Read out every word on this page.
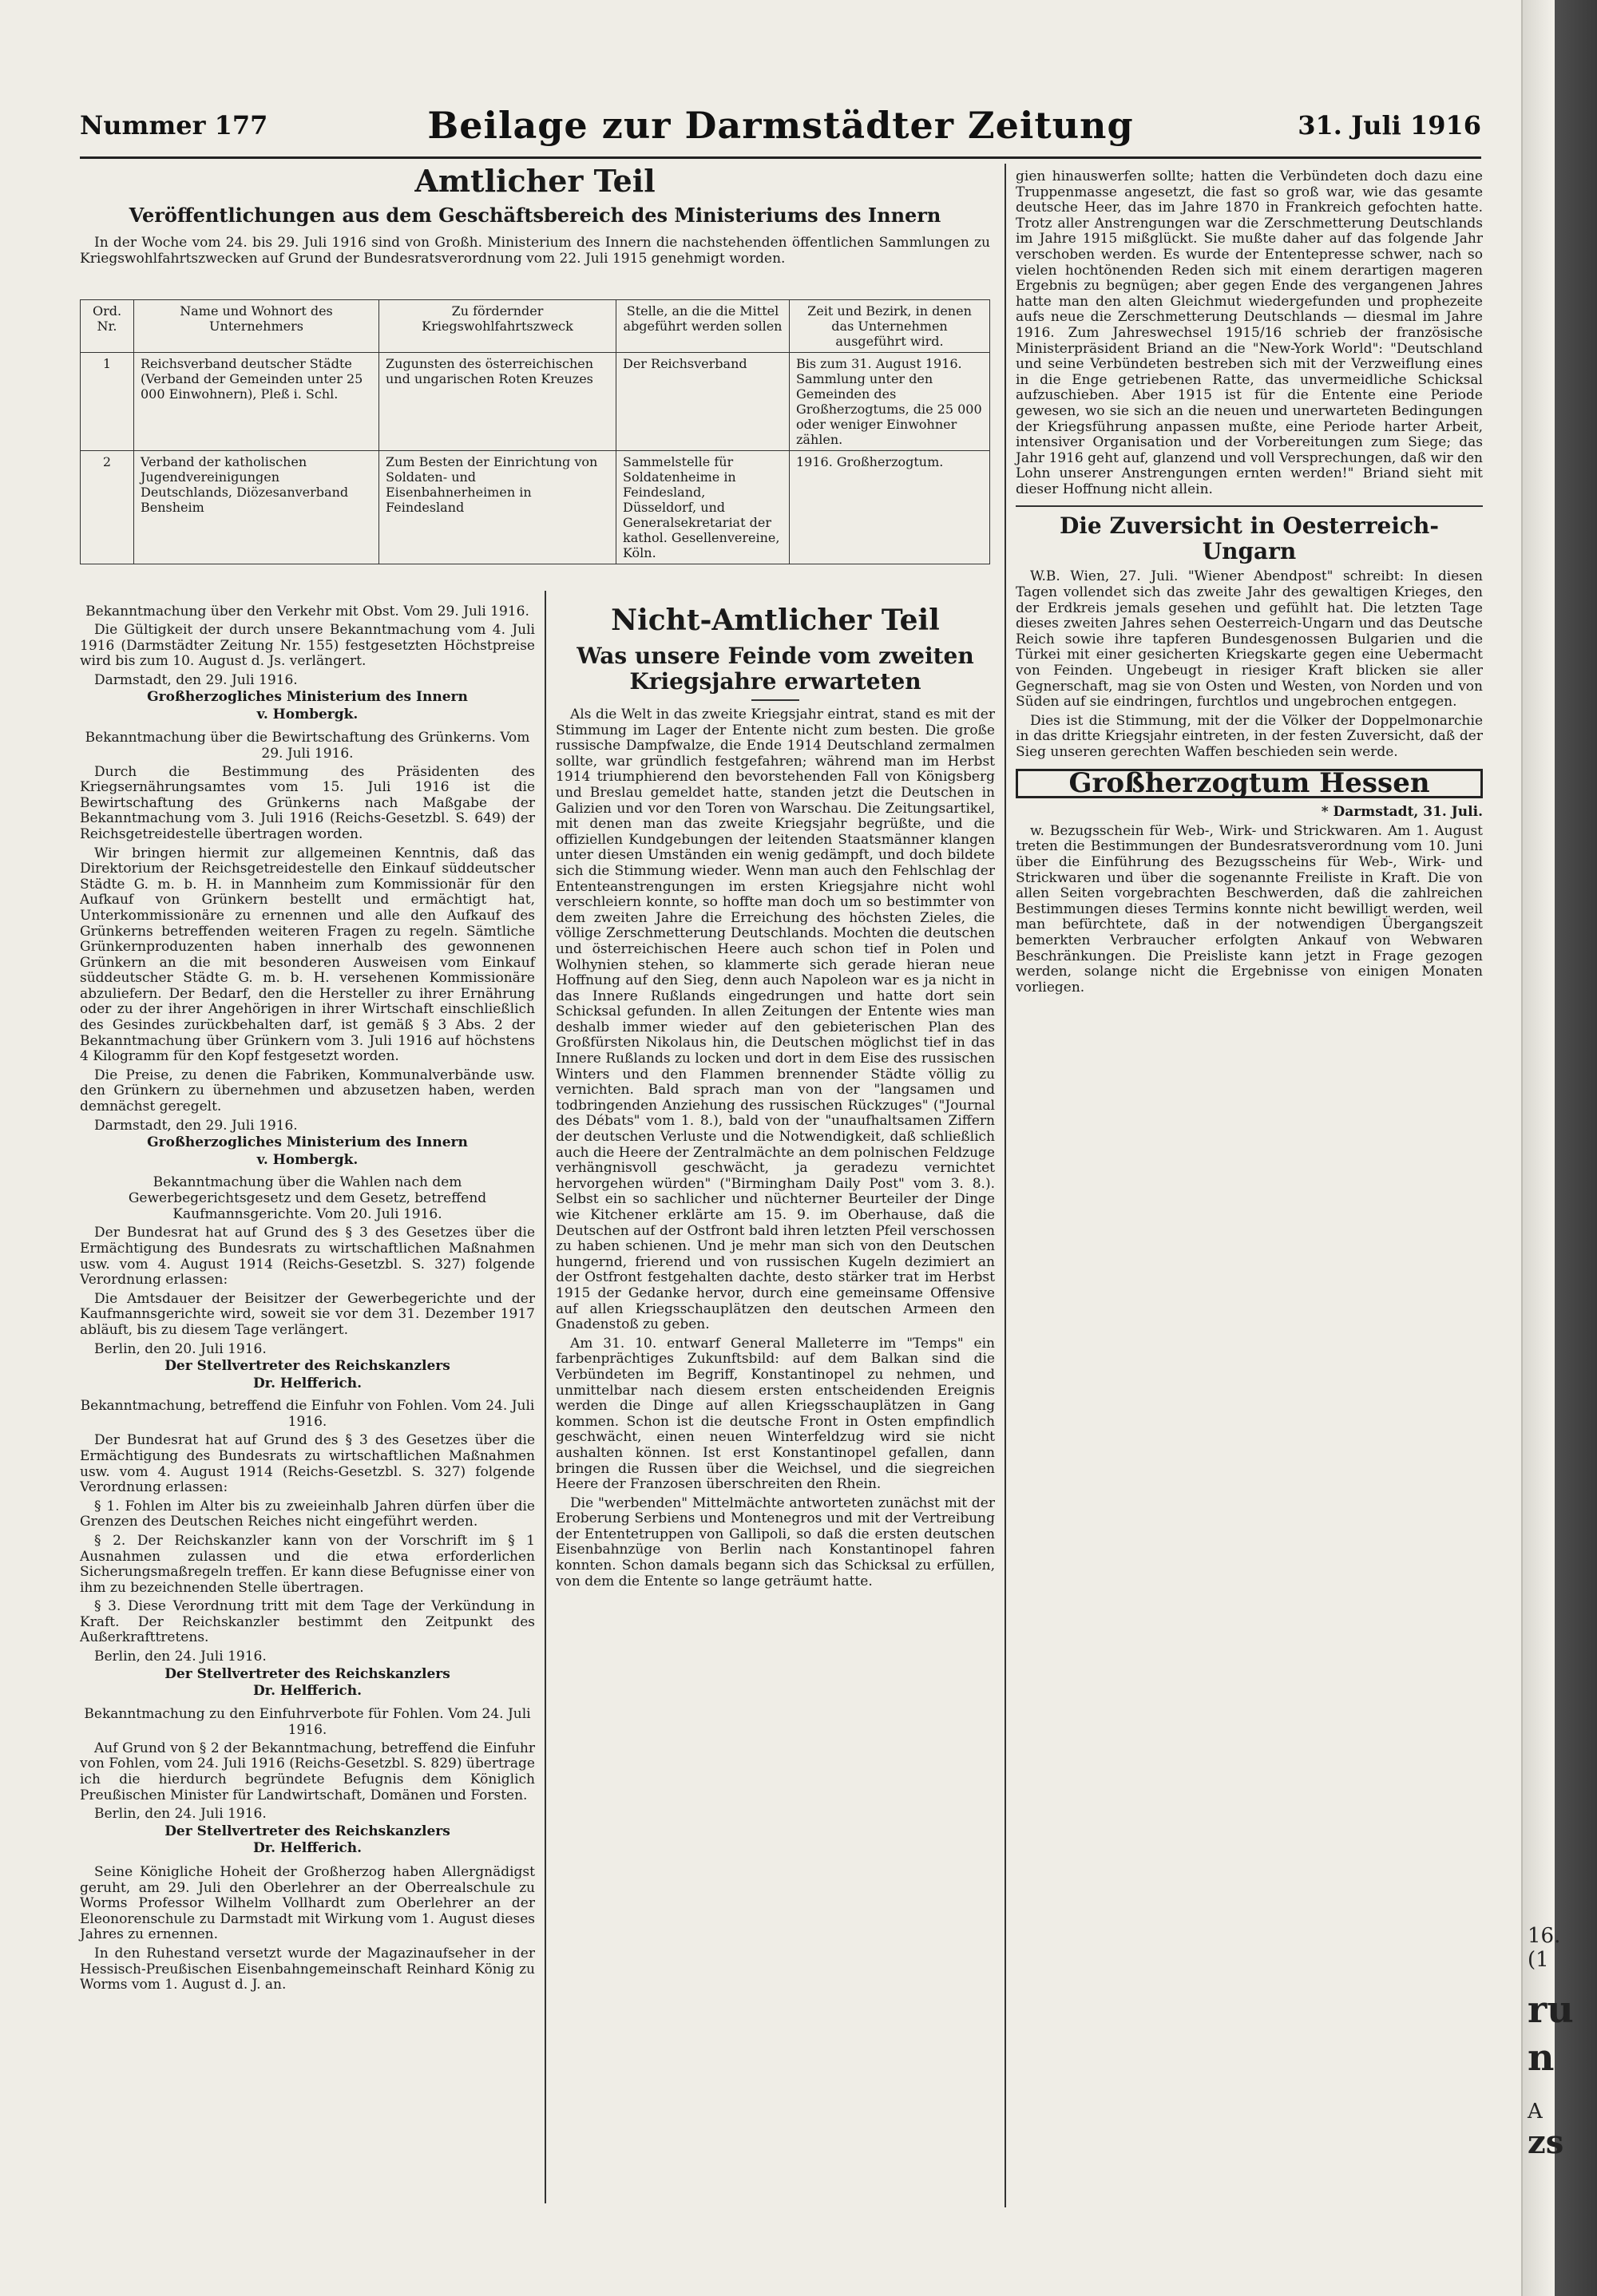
16.
(1
ru
n
A
zs
Nummer 177	Beilage zur Darmstädter Zeitung	31. Juli 1916
Amtlicher Teil
Veröffentlichungen aus dem Geschäftsbereich des Ministeriums des Innern

In der Woche vom 24. bis 29. Juli 1916 sind von Großh. Ministerium des Innern die nachstehenden öffentlichen Sammlungen zu Kriegswohlfahrtszwecken auf Grund der Bundesratsverordnung vom 22. Juli 1915 genehmigt worden.

Ord. Nr.	Name und Wohnort des Unternehmers	Zu fördernder Kriegswohlfahrtszweck	Stelle, an die die Mittel abgeführt werden sollen	Zeit und Bezirk, in denen das Unternehmen ausgeführt wird.
1	Reichsverband deutscher Städte (Verband der Gemeinden unter 25 000 Einwohnern), Pleß i. Schl.	Zugunsten des österreichischen und ungarischen Roten Kreuzes	Der Reichsverband	Bis zum 31. August 1916. Sammlung unter den Gemeinden des Großherzogtums, die 25 000 oder weniger Einwohner zählen.
2	Verband der katholischen Jugendvereinigungen Deutschlands, Diözesanverband Bensheim	Zum Besten der Einrichtung von Soldaten- und Eisenbahnerheimen in Feindesland	Sammelstelle für Soldatenheime in Feindesland, Düsseldorf, und Generalsekretariat der kathol. Gesellenvereine, Köln.	1916. Großherzogtum.
Bekanntmachung über den Verkehr mit Obst. Vom 29. Juli 1916.

Die Gültigkeit der durch unsere Bekanntmachung vom 4. Juli 1916 (Darmstädter Zeitung Nr. 155) festgesetzten Höchstpreise wird bis zum 10. August d. Js. verlängert.

Darmstadt, den 29. Juli 1916.
Großherzogliches Ministerium des Innern
v. Hombergk.
Bekanntmachung über die Bewirtschaftung des Grünkerns. Vom 29. Juli 1916.

Durch die Bestimmung des Präsidenten des Kriegsernährungsamtes vom 15. Juli 1916 ist die Bewirtschaftung des Grünkerns nach Maßgabe der Bekanntmachung vom 3. Juli 1916 (Reichs-Gesetzbl. S. 649) der Reichsgetreidestelle übertragen worden.

Wir bringen hiermit zur allgemeinen Kenntnis, daß das Direktorium der Reichsgetreidestelle den Einkauf süddeutscher Städte G. m. b. H. in Mannheim zum Kommissionär für den Aufkauf von Grünkern bestellt und ermächtigt hat, Unterkommissionäre zu ernennen und alle den Aufkauf des Grünkerns betreffenden weiteren Fragen zu regeln. Sämtliche Grünkernproduzenten haben innerhalb des gewonnenen Grünkern an die mit besonderen Ausweisen vom Einkauf süddeutscher Städte G. m. b. H. versehenen Kommissionäre abzuliefern. Der Bedarf, den die Hersteller zu ihrer Ernährung oder zu der ihrer Angehörigen in ihrer Wirtschaft einschließlich des Gesindes zurückbehalten darf, ist gemäß § 3 Abs. 2 der Bekanntmachung über Grünkern vom 3. Juli 1916 auf höchstens 4 Kilogramm für den Kopf festgesetzt worden.

Die Preise, zu denen die Fabriken, Kommunalverbände usw. den Grünkern zu übernehmen und abzusetzen haben, werden demnächst geregelt.

Darmstadt, den 29. Juli 1916.
Großherzogliches Ministerium des Innern
v. Hombergk.
Bekanntmachung über die Wahlen nach dem Gewerbegerichtsgesetz und dem Gesetz, betreffend Kaufmannsgerichte. Vom 20. Juli 1916.

Der Bundesrat hat auf Grund des § 3 des Gesetzes über die Ermächtigung des Bundesrats zu wirtschaftlichen Maßnahmen usw. vom 4. August 1914 (Reichs-Gesetzbl. S. 327) folgende Verordnung erlassen:

Die Amtsdauer der Beisitzer der Gewerbegerichte und der Kaufmannsgerichte wird, soweit sie vor dem 31. Dezember 1917 abläuft, bis zu diesem Tage verlängert.

Berlin, den 20. Juli 1916.
Der Stellvertreter des Reichskanzlers
Dr. Helfferich.
Bekanntmachung, betreffend die Einfuhr von Fohlen. Vom 24. Juli 1916.

Der Bundesrat hat auf Grund des § 3 des Gesetzes über die Ermächtigung des Bundesrats zu wirtschaftlichen Maßnahmen usw. vom 4. August 1914 (Reichs-Gesetzbl. S. 327) folgende Verordnung erlassen:

§ 1. Fohlen im Alter bis zu zweieinhalb Jahren dürfen über die Grenzen des Deutschen Reiches nicht eingeführt werden.

§ 2. Der Reichskanzler kann von der Vorschrift im § 1 Ausnahmen zulassen und die etwa erforderlichen Sicherungsmaßregeln treffen. Er kann diese Befugnisse einer von ihm zu bezeichnenden Stelle übertragen.

§ 3. Diese Verordnung tritt mit dem Tage der Verkündung in Kraft. Der Reichskanzler bestimmt den Zeitpunkt des Außerkrafttretens.

Berlin, den 24. Juli 1916.
Der Stellvertreter des Reichskanzlers
Dr. Helfferich.
Bekanntmachung zu den Einfuhrverbote für Fohlen. Vom 24. Juli 1916.

Auf Grund von § 2 der Bekanntmachung, betreffend die Einfuhr von Fohlen, vom 24. Juli 1916 (Reichs-Gesetzbl. S. 829) übertrage ich die hierdurch begründete Befugnis dem Königlich Preußischen Minister für Landwirtschaft, Domänen und Forsten.

Berlin, den 24. Juli 1916.
Der Stellvertreter des Reichskanzlers
Dr. Helfferich.

Seine Königliche Hoheit der Großherzog haben Allergnädigst geruht, am 29. Juli den Oberlehrer an der Oberrealschule zu Worms Professor Wilhelm Vollhardt zum Oberlehrer an der Eleonorenschule zu Darmstadt mit Wirkung vom 1. August dieses Jahres zu ernennen.

In den Ruhestand versetzt wurde der Magazinaufseher in der Hessisch-Preußischen Eisenbahngemeinschaft Reinhard König zu Worms vom 1. August d. J. an.

Nicht-Amtlicher Teil
Was unsere Feinde vom zweiten Kriegsjahre erwarteten

Als die Welt in das zweite Kriegsjahr eintrat, stand es mit der Stimmung im Lager der Entente nicht zum besten. Die große russische Dampfwalze, die Ende 1914 Deutschland zermalmen sollte, war gründlich festgefahren; während man im Herbst 1914 triumphierend den bevorstehenden Fall von Königsberg und Breslau gemeldet hatte, standen jetzt die Deutschen in Galizien und vor den Toren von Warschau. Die Zeitungsartikel, mit denen man das zweite Kriegsjahr begrüßte, und die offiziellen Kundgebungen der leitenden Staatsmänner klangen unter diesen Umständen ein wenig gedämpft, und doch bildete sich die Stimmung wieder. Wenn man auch den Fehlschlag der Ententeanstrengungen im ersten Kriegsjahre nicht wohl verschleiern konnte, so hoffte man doch um so bestimmter von dem zweiten Jahre die Erreichung des höchsten Zieles, die völlige Zerschmetterung Deutschlands. Mochten die deutschen und österreichischen Heere auch schon tief in Polen und Wolhynien stehen, so klammerte sich gerade hieran neue Hoffnung auf den Sieg, denn auch Napoleon war es ja nicht in das Innere Rußlands eingedrungen und hatte dort sein Schicksal gefunden. In allen Zeitungen der Entente wies man deshalb immer wieder auf den gebieterischen Plan des Großfürsten Nikolaus hin, die Deutschen möglichst tief in das Innere Rußlands zu locken und dort in dem Eise des russischen Winters und den Flammen brennender Städte völlig zu vernichten. Bald sprach man von der "langsamen und todbringenden Anziehung des russischen Rückzuges" ("Journal des Débats" vom 1. 8.), bald von der "unaufhaltsamen Ziffern der deutschen Verluste und die Notwendigkeit, daß schließlich auch die Heere der Zentralmächte an dem polnischen Feldzuge verhängnisvoll geschwächt, ja geradezu vernichtet hervorgehen würden" ("Birmingham Daily Post" vom 3. 8.). Selbst ein so sachlicher und nüchterner Beurteiler der Dinge wie Kitchener erklärte am 15. 9. im Oberhause, daß die Deutschen auf der Ostfront bald ihren letzten Pfeil verschossen zu haben schienen. Und je mehr man sich von den Deutschen hungernd, frierend und von russischen Kugeln dezimiert an der Ostfront festgehalten dachte, desto stärker trat im Herbst 1915 der Gedanke hervor, durch eine gemeinsame Offensive auf allen Kriegsschauplätzen den deutschen Armeen den Gnadenstoß zu geben.

Am 31. 10. entwarf General Malleterre im "Temps" ein farbenprächtiges Zukunftsbild: auf dem Balkan sind die Verbündeten im Begriff, Konstantinopel zu nehmen, und unmittelbar nach diesem ersten entscheidenden Ereignis werden die Dinge auf allen Kriegsschauplätzen in Gang kommen. Schon ist die deutsche Front in Osten empfindlich geschwächt, einen neuen Winterfeldzug wird sie nicht aushalten können. Ist erst Konstantinopel gefallen, dann bringen die Russen über die Weichsel, und die siegreichen Heere der Franzosen überschreiten den Rhein.

Die "werbenden" Mittelmächte antworteten zunächst mit der Eroberung Serbiens und Montenegros und mit der Vertreibung der Ententetruppen von Gallipoli, so daß die ersten deutschen Eisenbahnzüge von Berlin nach Konstantinopel fahren konnten. Schon damals begann sich das Schicksal zu erfüllen, von dem die Entente so lange geträumt hatte.

gien hinauswerfen sollte; hatten die Verbündeten doch dazu eine Truppenmasse angesetzt, die fast so groß war, wie das gesamte deutsche Heer, das im Jahre 1870 in Frankreich gefochten hatte. Trotz aller Anstrengungen war die Zerschmetterung Deutschlands im Jahre 1915 mißglückt. Sie mußte daher auf das folgende Jahr verschoben werden. Es wurde der Ententepresse schwer, nach so vielen hochtönenden Reden sich mit einem derartigen mageren Ergebnis zu begnügen; aber gegen Ende des vergangenen Jahres hatte man den alten Gleichmut wiedergefunden und prophezeite aufs neue die Zerschmetterung Deutschlands — diesmal im Jahre 1916. Zum Jahreswechsel 1915/16 schrieb der französische Ministerpräsident Briand an die "New-York World": "Deutschland und seine Verbündeten bestreben sich mit der Verzweiflung eines in die Enge getriebenen Ratte, das unvermeidliche Schicksal aufzuschieben. Aber 1915 ist für die Entente eine Periode gewesen, wo sie sich an die neuen und unerwarteten Bedingungen der Kriegsführung anpassen mußte, eine Periode harter Arbeit, intensiver Organisation und der Vorbereitungen zum Siege; das Jahr 1916 geht auf, glanzend und voll Versprechungen, daß wir den Lohn unserer Anstrengungen ernten werden!" Briand sieht mit dieser Hoffnung nicht allein.

Die Zuversicht in Oesterreich-Ungarn

W.B. Wien, 27. Juli. "Wiener Abendpost" schreibt: In diesen Tagen vollendet sich das zweite Jahr des gewaltigen Krieges, den der Erdkreis jemals gesehen und gefühlt hat. Die letzten Tage dieses zweiten Jahres sehen Oesterreich-Ungarn und das Deutsche Reich sowie ihre tapferen Bundesgenossen Bulgarien und die Türkei mit einer gesicherten Kriegskarte gegen eine Uebermacht von Feinden. Ungebeugt in riesiger Kraft blicken sie aller Gegnerschaft, mag sie von Osten und Westen, von Norden und von Süden auf sie eindringen, furchtlos und ungebrochen entgegen.

Dies ist die Stimmung, mit der die Völker der Doppelmonarchie in das dritte Kriegsjahr eintreten, in der festen Zuversicht, daß der Sieg unseren gerechten Waffen beschieden sein werde.

Großherzogtum Hessen

* Darmstadt, 31. Juli.

w. Bezugsschein für Web-, Wirk- und Strickwaren. Am 1. August treten die Bestimmungen der Bundesratsverordnung vom 10. Juni über die Einführung des Bezugsscheins für Web-, Wirk- und Strickwaren und über die sogenannte Freiliste in Kraft. Die von allen Seiten vorgebrachten Beschwerden, daß die zahlreichen Bestimmungen dieses Termins konnte nicht bewilligt werden, weil man befürchtete, daß in der notwendigen Übergangszeit bemerkten Verbraucher erfolgten Ankauf von Webwaren Beschränkungen. Die Preisliste kann jetzt in Frage gezogen werden, solange nicht die Ergebnisse von einigen Monaten vorliegen.
